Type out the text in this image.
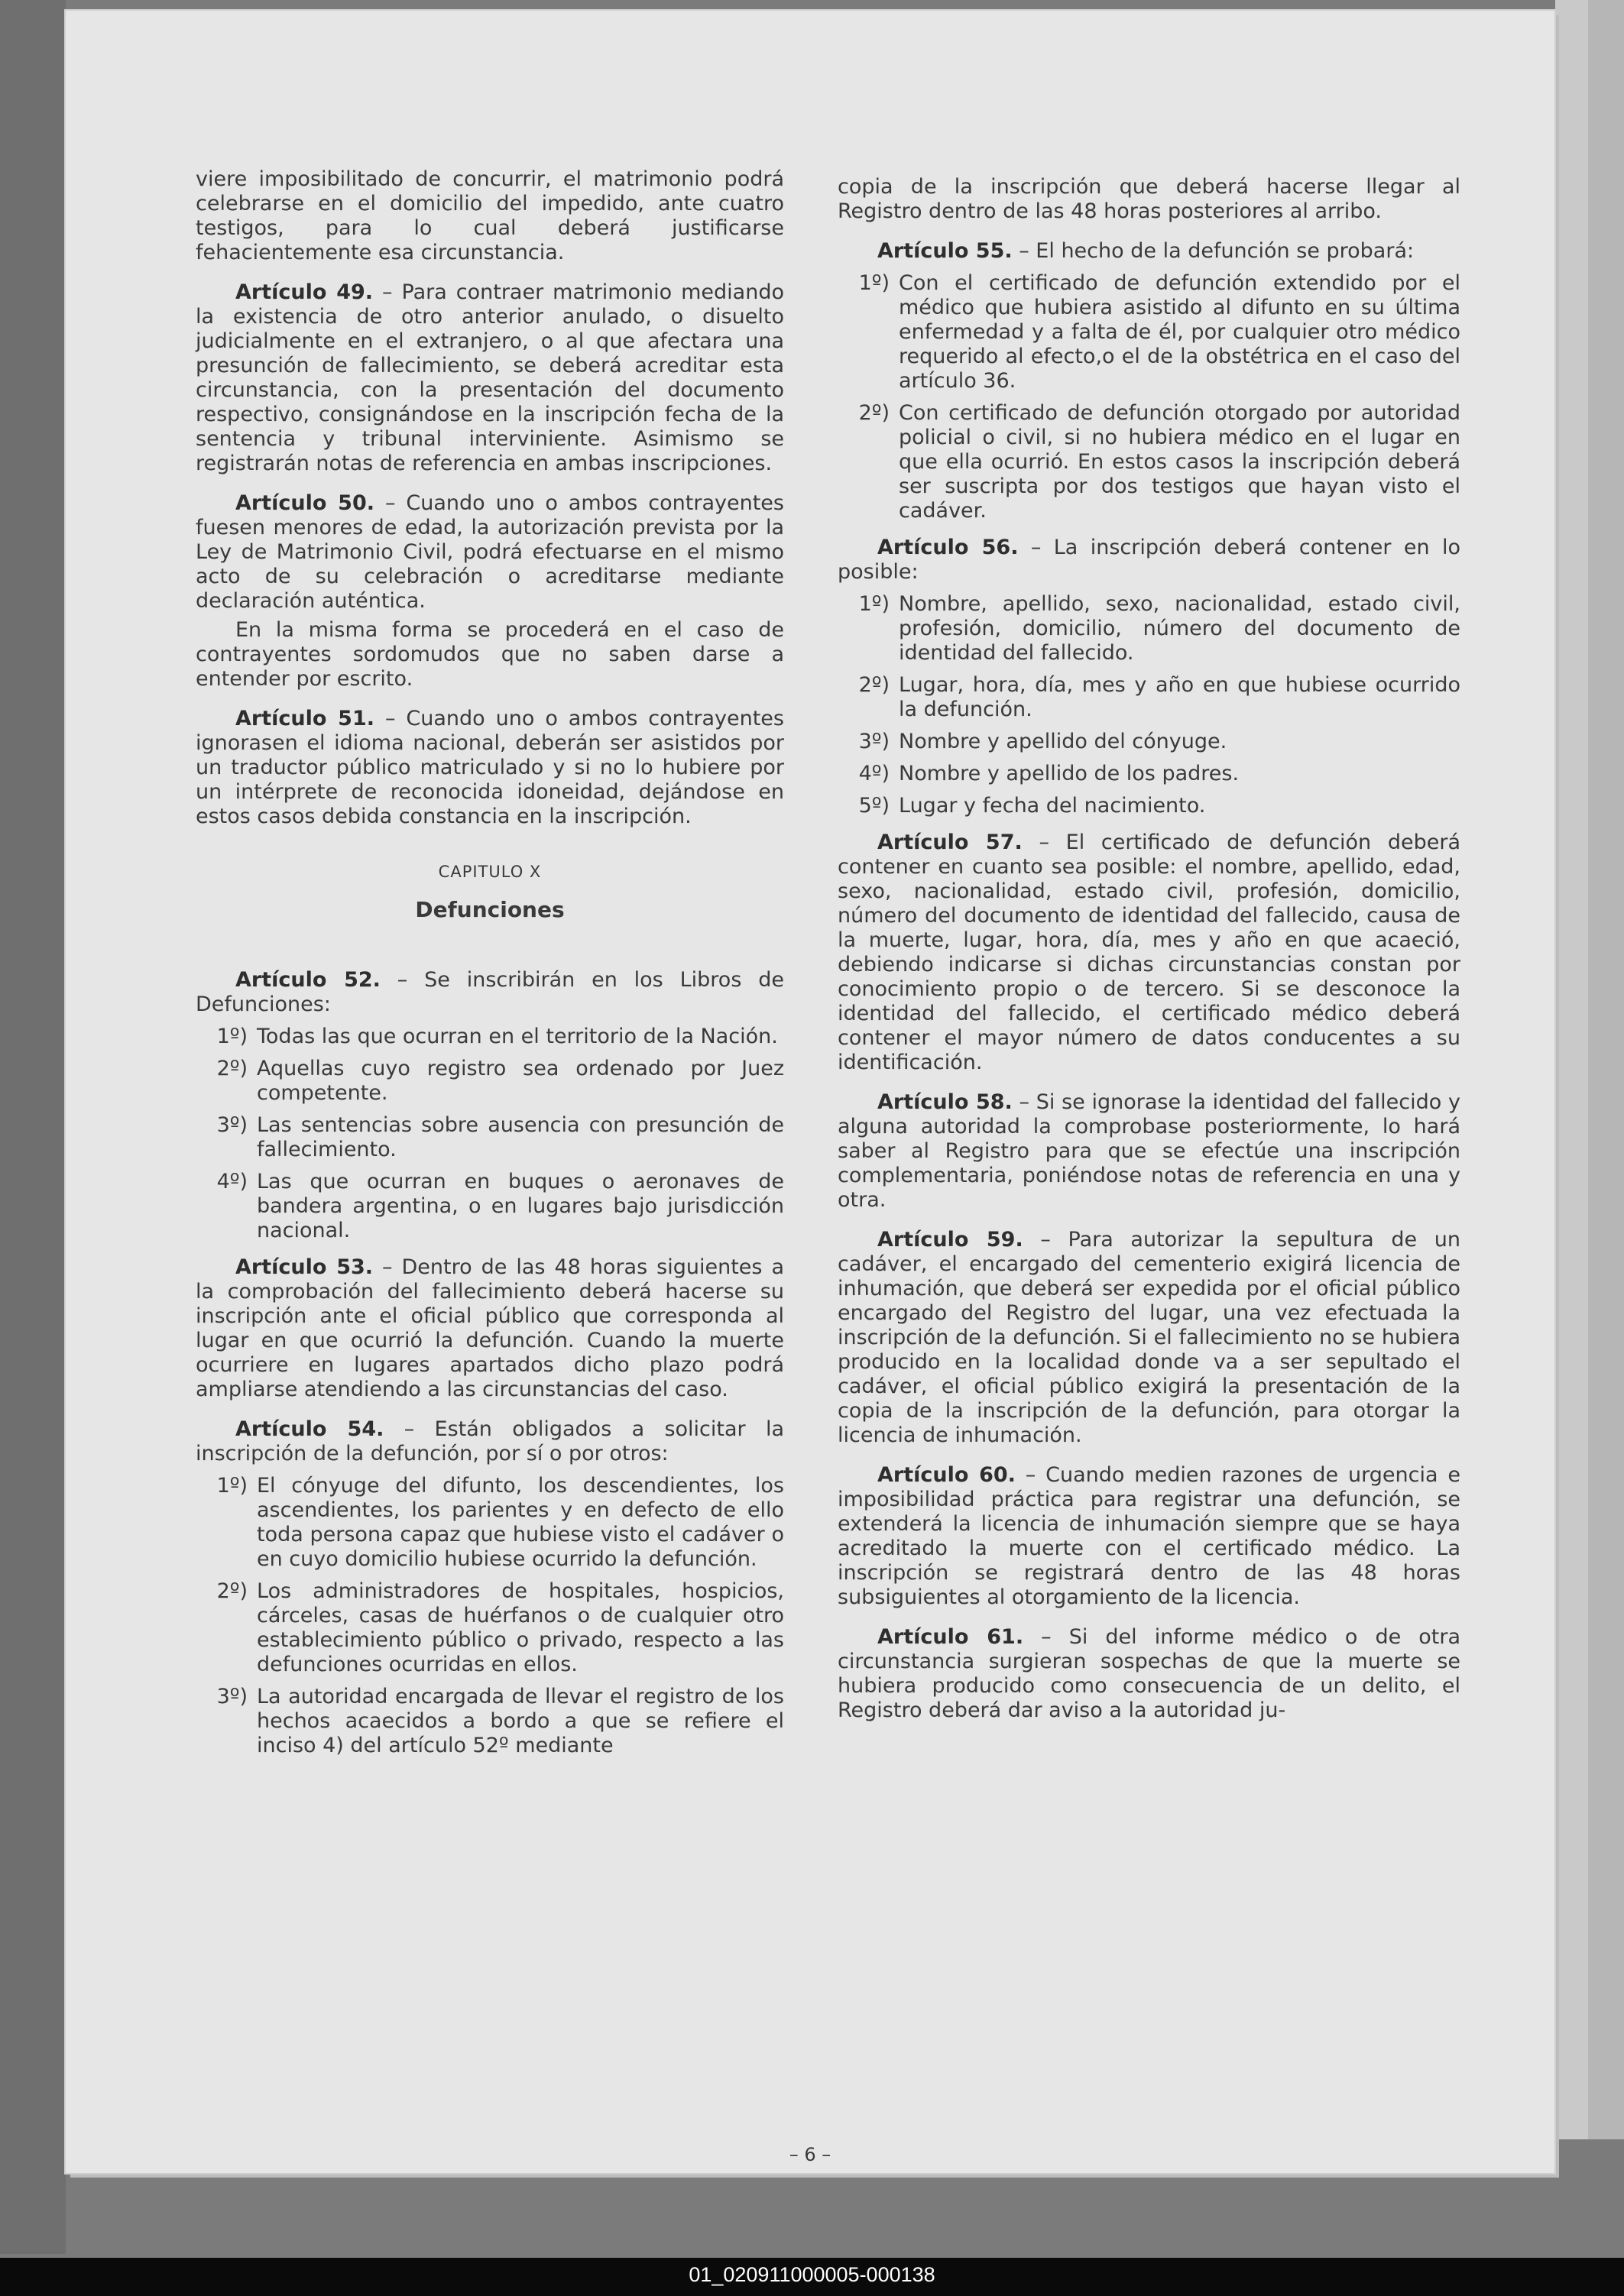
viere imposibilitado de concurrir, el matrimonio podrá celebrarse en el domicilio del impedido, ante cuatro testigos, para lo cual deberá justificarse fehacientemente esa circunstancia.

Artículo 49. – Para contraer matrimonio mediando la existencia de otro anterior anulado, o disuelto judicialmente en el extranjero, o al que afectara una presunción de fallecimiento, se deberá acreditar esta circunstancia, con la presentación del documento respectivo, consignándose en la inscripción fecha de la sentencia y tribunal interviniente. Asimismo se registrarán notas de referencia en ambas inscripciones.

Artículo 50. – Cuando uno o ambos contrayentes fuesen menores de edad, la autorización prevista por la Ley de Matrimonio Civil, podrá efectuarse en el mismo acto de su celebración o acreditarse mediante declaración auténtica.

En la misma forma se procederá en el caso de contrayentes sordomudos que no saben darse a entender por escrito.

Artículo 51. – Cuando uno o ambos contrayentes ignorasen el idioma nacional, deberán ser asistidos por un traductor público matriculado y si no lo hubiere por un intérprete de reconocida idoneidad, dejándose en estos casos debida constancia en la inscripción.

CAPITULO X
Defunciones

Artículo 52. – Se inscribirán en los Libros de Defunciones:

1º) Todas las que ocurran en el territorio de la Nación.
2º) Aquellas cuyo registro sea ordenado por Juez competente.
3º) Las sentencias sobre ausencia con presunción de fallecimiento.
4º) Las que ocurran en buques o aeronaves de bandera argentina, o en lugares bajo jurisdicción nacional.

Artículo 53. – Dentro de las 48 horas siguientes a la comprobación del fallecimiento deberá hacerse su inscripción ante el oficial público que corresponda al lugar en que ocurrió la defunción. Cuando la muerte ocurriere en lugares apartados dicho plazo podrá ampliarse atendiendo a las circunstancias del caso.

Artículo 54. – Están obligados a solicitar la inscripción de la defunción, por sí o por otros:

1º) El cónyuge del difunto, los descendientes, los ascendientes, los parientes y en defecto de ello toda persona capaz que hubiese visto el cadáver o en cuyo domicilio hubiese ocurrido la defunción.
2º) Los administradores de hospitales, hospicios, cárceles, casas de huérfanos o de cualquier otro establecimiento público o privado, respecto a las defunciones ocurridas en ellos.
3º) La autoridad encargada de llevar el registro de los hechos acaecidos a bordo a que se refiere el inciso 4) del artículo 52º mediante

copia de la inscripción que deberá hacerse llegar al Registro dentro de las 48 horas posteriores al arribo.

Artículo 55. – El hecho de la defunción se probará:

1º) Con el certificado de defunción extendido por el médico que hubiera asistido al difunto en su última enfermedad y a falta de él, por cualquier otro médico requerido al efecto,o el de la obstétrica en el caso del artículo 36.
2º) Con certificado de defunción otorgado por autoridad policial o civil, si no hubiera médico en el lugar en que ella ocurrió. En estos casos la inscripción deberá ser suscripta por dos testigos que hayan visto el cadáver.

Artículo 56. – La inscripción deberá contener en lo posible:

1º) Nombre, apellido, sexo, nacionalidad, estado civil, profesión, domicilio, número del documento de identidad del fallecido.
2º) Lugar, hora, día, mes y año en que hubiese ocurrido la defunción.
3º) Nombre y apellido del cónyuge.
4º) Nombre y apellido de los padres.
5º) Lugar y fecha del nacimiento.

Artículo 57. – El certificado de defunción deberá contener en cuanto sea posible: el nombre, apellido, edad, sexo, nacionalidad, estado civil, profesión, domicilio, número del documento de identidad del fallecido, causa de la muerte, lugar, hora, día, mes y año en que acaeció, debiendo indicarse si dichas circunstancias constan por conocimiento propio o de tercero. Si se desconoce la identidad del fallecido, el certificado médico deberá contener el mayor número de datos conducentes a su identificación.

Artículo 58. – Si se ignorase la identidad del fallecido y alguna autoridad la comprobase posteriormente, lo hará saber al Registro para que se efectúe una inscripción complementaria, poniéndose notas de referencia en una y otra.

Artículo 59. – Para autorizar la sepultura de un cadáver, el encargado del cementerio exigirá licencia de inhumación, que deberá ser expedida por el oficial público encargado del Registro del lugar, una vez efectuada la inscripción de la defunción. Si el fallecimiento no se hubiera producido en la localidad donde va a ser sepultado el cadáver, el oficial público exigirá la presentación de la copia de la inscripción de la defunción, para otorgar la licencia de inhumación.

Artículo 60. – Cuando medien razones de urgencia e imposibilidad práctica para registrar una defunción, se extenderá la licencia de inhumación siempre que se haya acreditado la muerte con el certificado médico. La inscripción se registrará dentro de las 48 horas subsiguientes al otorgamiento de la licencia.

Artículo 61. – Si del informe médico o de otra circunstancia surgieran sospechas de que la muerte se hubiera producido como consecuencia de un delito, el Registro deberá dar aviso a la autoridad ju-

– 6 –
01_020911000005-000138
